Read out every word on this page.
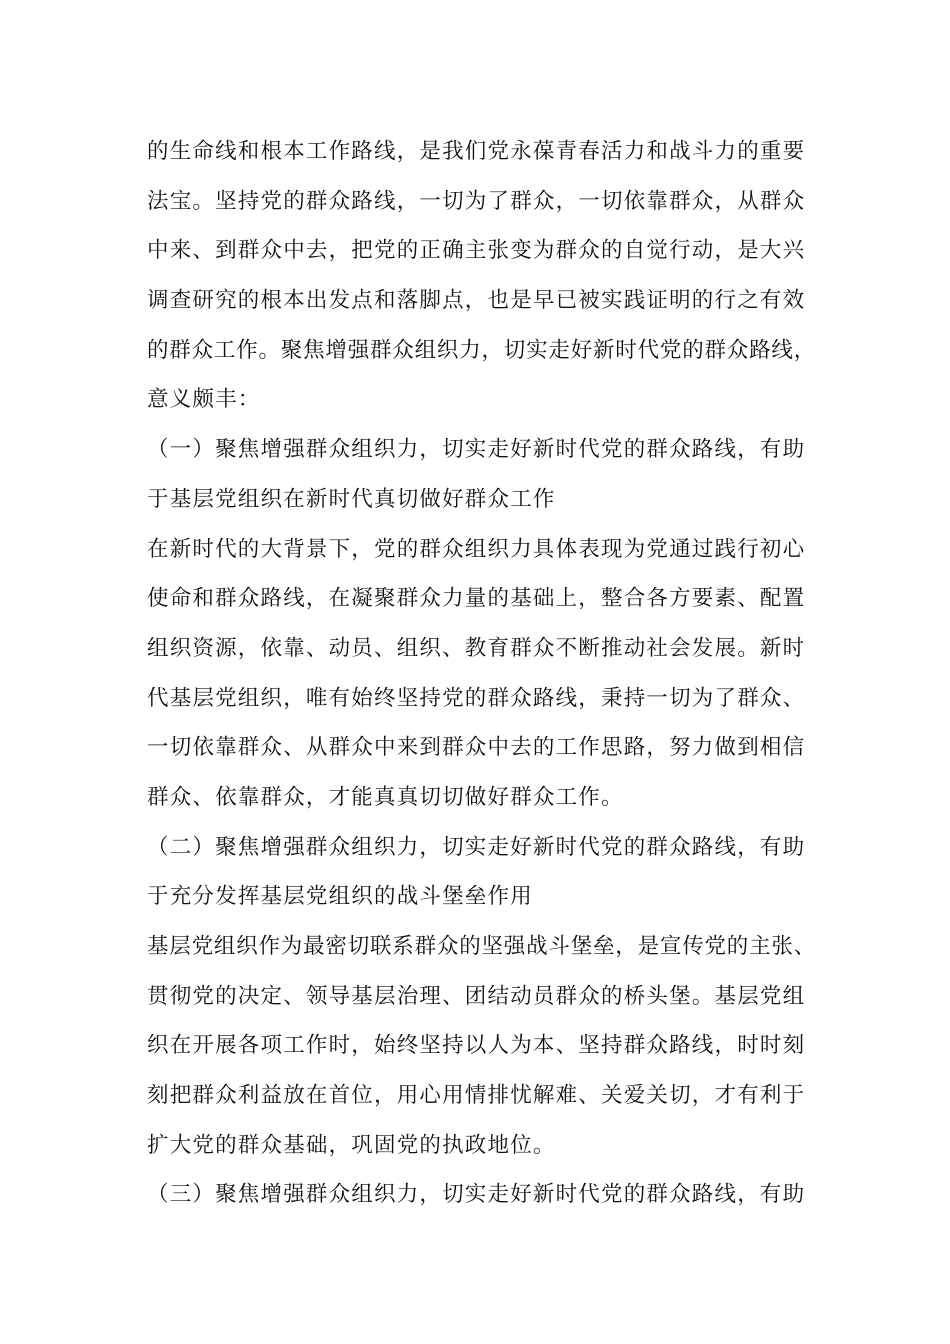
的生命线和根本工作路线，是我们党永葆青春活力和战斗力的重要
法宝。坚持党的群众路线，一切为了群众，一切依靠群众，从群众
中来、到群众中去，把党的正确主张变为群众的自觉行动，是大兴
调查研究的根本出发点和落脚点，也是早已被实践证明的行之有效
的群众工作。聚焦增强群众组织力，切实走好新时代党的群众路线，
意义颇丰：
（一）聚焦增强群众组织力，切实走好新时代党的群众路线，有助
于基层党组织在新时代真切做好群众工作
在新时代的大背景下，党的群众组织力具体表现为党通过践行初心
使命和群众路线，在凝聚群众力量的基础上，整合各方要素、配置
组织资源，依靠、动员、组织、教育群众不断推动社会发展。新时
代基层党组织，唯有始终坚持党的群众路线，秉持一切为了群众、
一切依靠群众、从群众中来到群众中去的工作思路，努力做到相信
群众、依靠群众，才能真真切切做好群众工作。
（二）聚焦增强群众组织力，切实走好新时代党的群众路线，有助
于充分发挥基层党组织的战斗堡垒作用
基层党组织作为最密切联系群众的坚强战斗堡垒，是宣传党的主张、
贯彻党的决定、领导基层治理、团结动员群众的桥头堡。基层党组
织在开展各项工作时，始终坚持以人为本、坚持群众路线，时时刻
刻把群众利益放在首位，用心用情排忧解难、关爱关切，才有利于
扩大党的群众基础，巩固党的执政地位。
（三）聚焦增强群众组织力，切实走好新时代党的群众路线，有助
